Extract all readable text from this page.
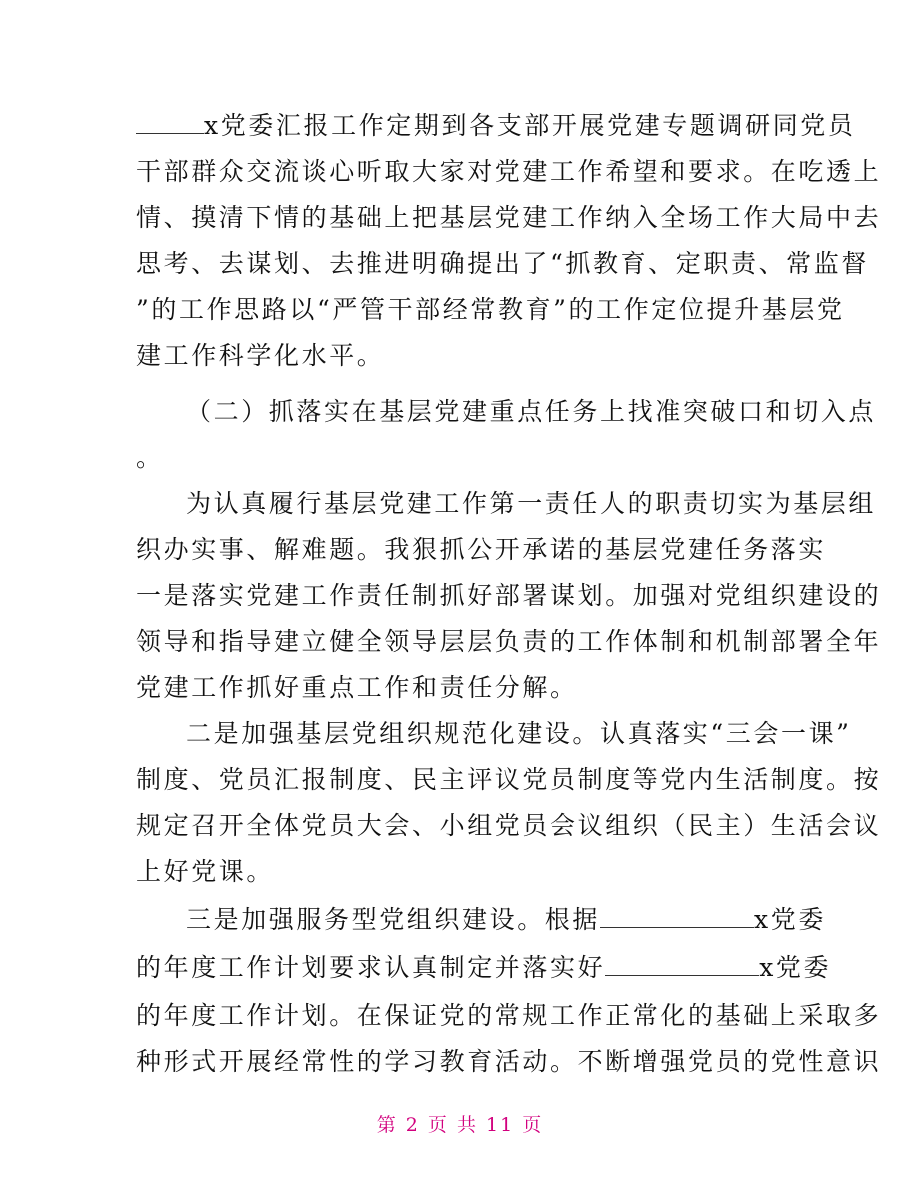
x党委汇报工作定期到各支部开展党建专题调研同党员
干部群众交流谈心听取大家对党建工作希望和要求。在吃透上
情、摸清下情的基础上把基层党建工作纳入全场工作大局中去
思考、去谋划、去推进明确提出了“抓教育、定职责、常监督
”的工作思路以“严管干部经常教育”的工作定位提升基层党
建工作科学化水平。
（二）抓落实在基层党建重点任务上找准突破口和切入点
。
为认真履行基层党建工作第一责任人的职责切实为基层组
织办实事、解难题。我狠抓公开承诺的基层党建任务落实
一是落实党建工作责任制抓好部署谋划。加强对党组织建设的
领导和指导建立健全领导层层负责的工作体制和机制部署全年
党建工作抓好重点工作和责任分解。
二是加强基层党组织规范化建设。认真落实“三会一课”
制度、党员汇报制度、民主评议党员制度等党内生活制度。按
规定召开全体党员大会、小组党员会议组织（民主）生活会议
上好党课。
三是加强服务型党组织建设。根据	x党委
的年度工作计划要求认真制定并落实好	x党委
的年度工作计划。在保证党的常规工作正常化的基础上采取多
种形式开展经常性的学习教育活动。不断增强党员的党性意识
第 2 页 共 11 页
